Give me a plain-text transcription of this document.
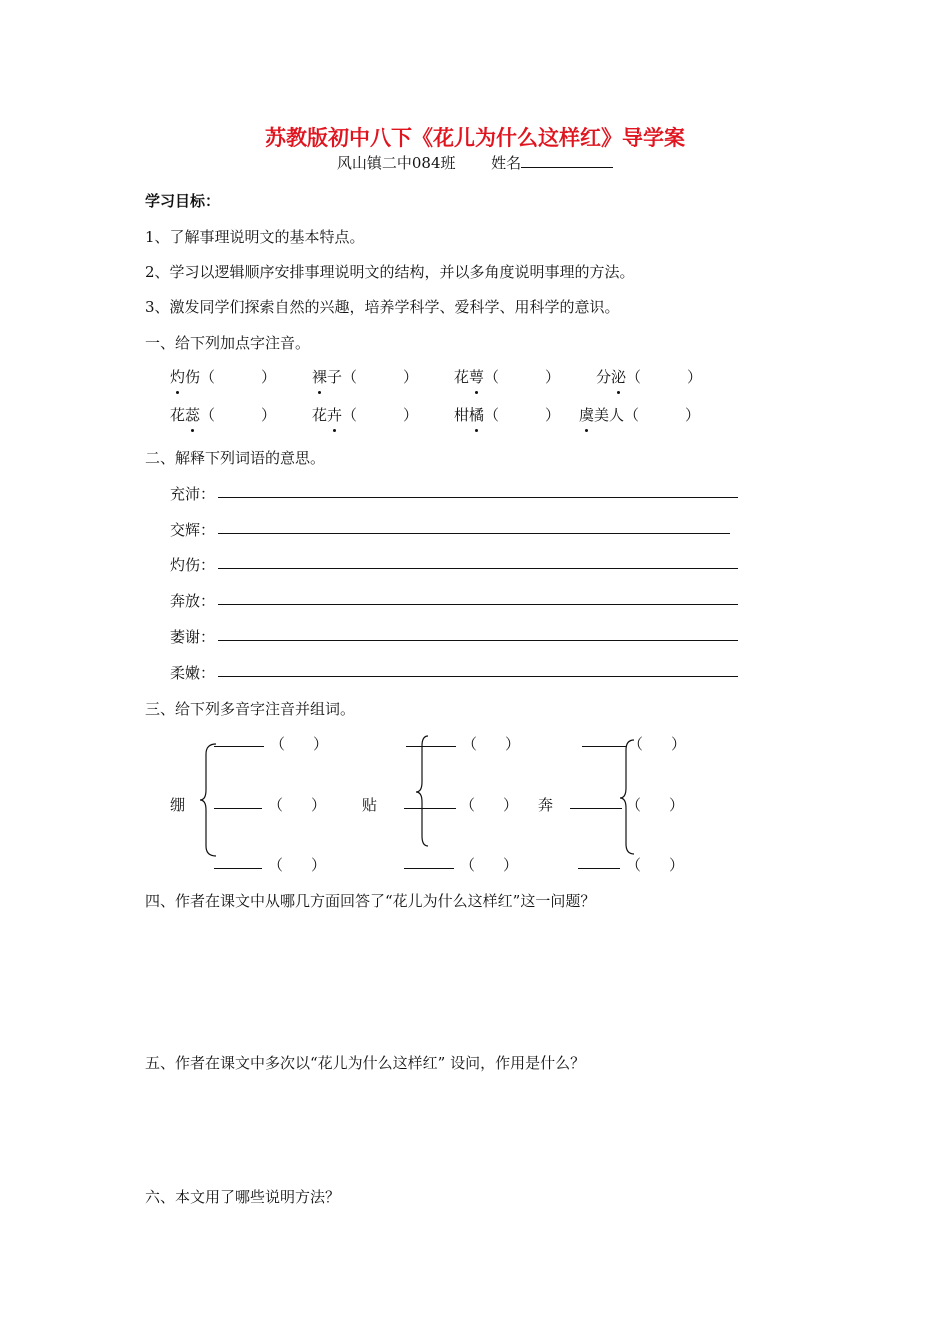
苏教版初中八下《花儿为什么这样红》导学案
风山镇二中084班 姓名
学习目标：
1、了解事理说明文的基本特点。
2、学习以逻辑顺序安排事理说明文的结构，并以多角度说明事理的方法。
3、激发同学们探索自然的兴趣，培养学科学、爱科学、用科学的意识。
一、给下列加点字注音。
灼伤（	） 裸子（	） 花萼（	） 分泌（	）
花蕊（	） 花卉（	） 柑橘（	） 虞美人（	）
二、解释下列词语的意思。
充沛：
交辉：
灼伤：
奔放：
萎谢：
柔嫩：
三、给下列多音字注音并组词。
绷
（ ）
（ ）
（ ）
贴
（ ）
（ ）
（ ）
奔
（ ）
（ ）
（ ）
四、作者在课文中从哪几方面回答了“花儿为什么这样红”这一问题？
五、作者在课文中多次以“花儿为什么这样红” 设问，作用是什么？
六、本文用了哪些说明方法？
